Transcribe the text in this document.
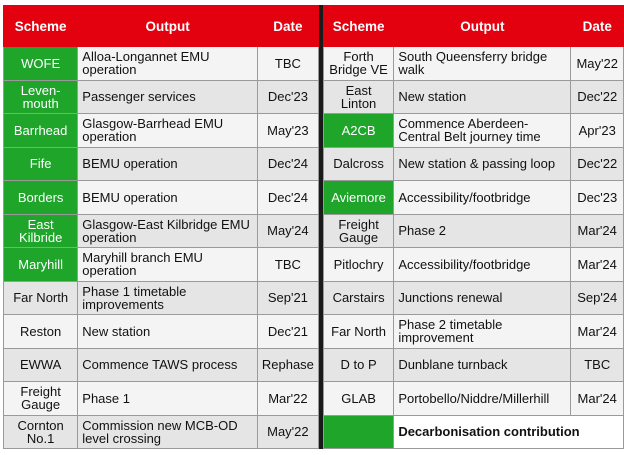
Scheme	Output	Date
WOFE	Alloa-Longannet EMU operation	TBC
Leven-mouth	Passenger services	Dec'23
Barrhead	Glasgow-Barrhead EMU operation	May'23
Fife	BEMU operation	Dec'24
Borders	BEMU operation	Dec'24
East Kilbride	Glasgow-East Kilbridge EMU operation	May'24
Maryhill	Maryhill branch EMU operation	TBC
Far North	Phase 1 timetable improvements	Sep'21
Reston	New station	Dec'21
EWWA	Commence TAWS process	Rephase
Freight Gauge	Phase 1	Mar'22
Cornton No.1	Commission new MCB-OD level crossing	May'22
Scheme	Output	Date
Forth Bridge VE	South Queensferry bridge walk	May'22
East Linton	New station	Dec'22
A2CB	Commence Aberdeen-Central Belt journey time	Apr'23
Dalcross	New station & passing loop	Dec'22
Aviemore	Accessibility/footbridge	Dec'23
Freight Gauge	Phase 2	Mar'24
Pitlochry	Accessibility/footbridge	Mar'24
Carstairs	Junctions renewal	Sep'24
Far North	Phase 2 timetable improvement	Mar'24
D to P	Dunblane turnback	TBC
GLAB	Portobello/Niddre/Millerhill	Mar'24
	Decarbonisation contribution	
